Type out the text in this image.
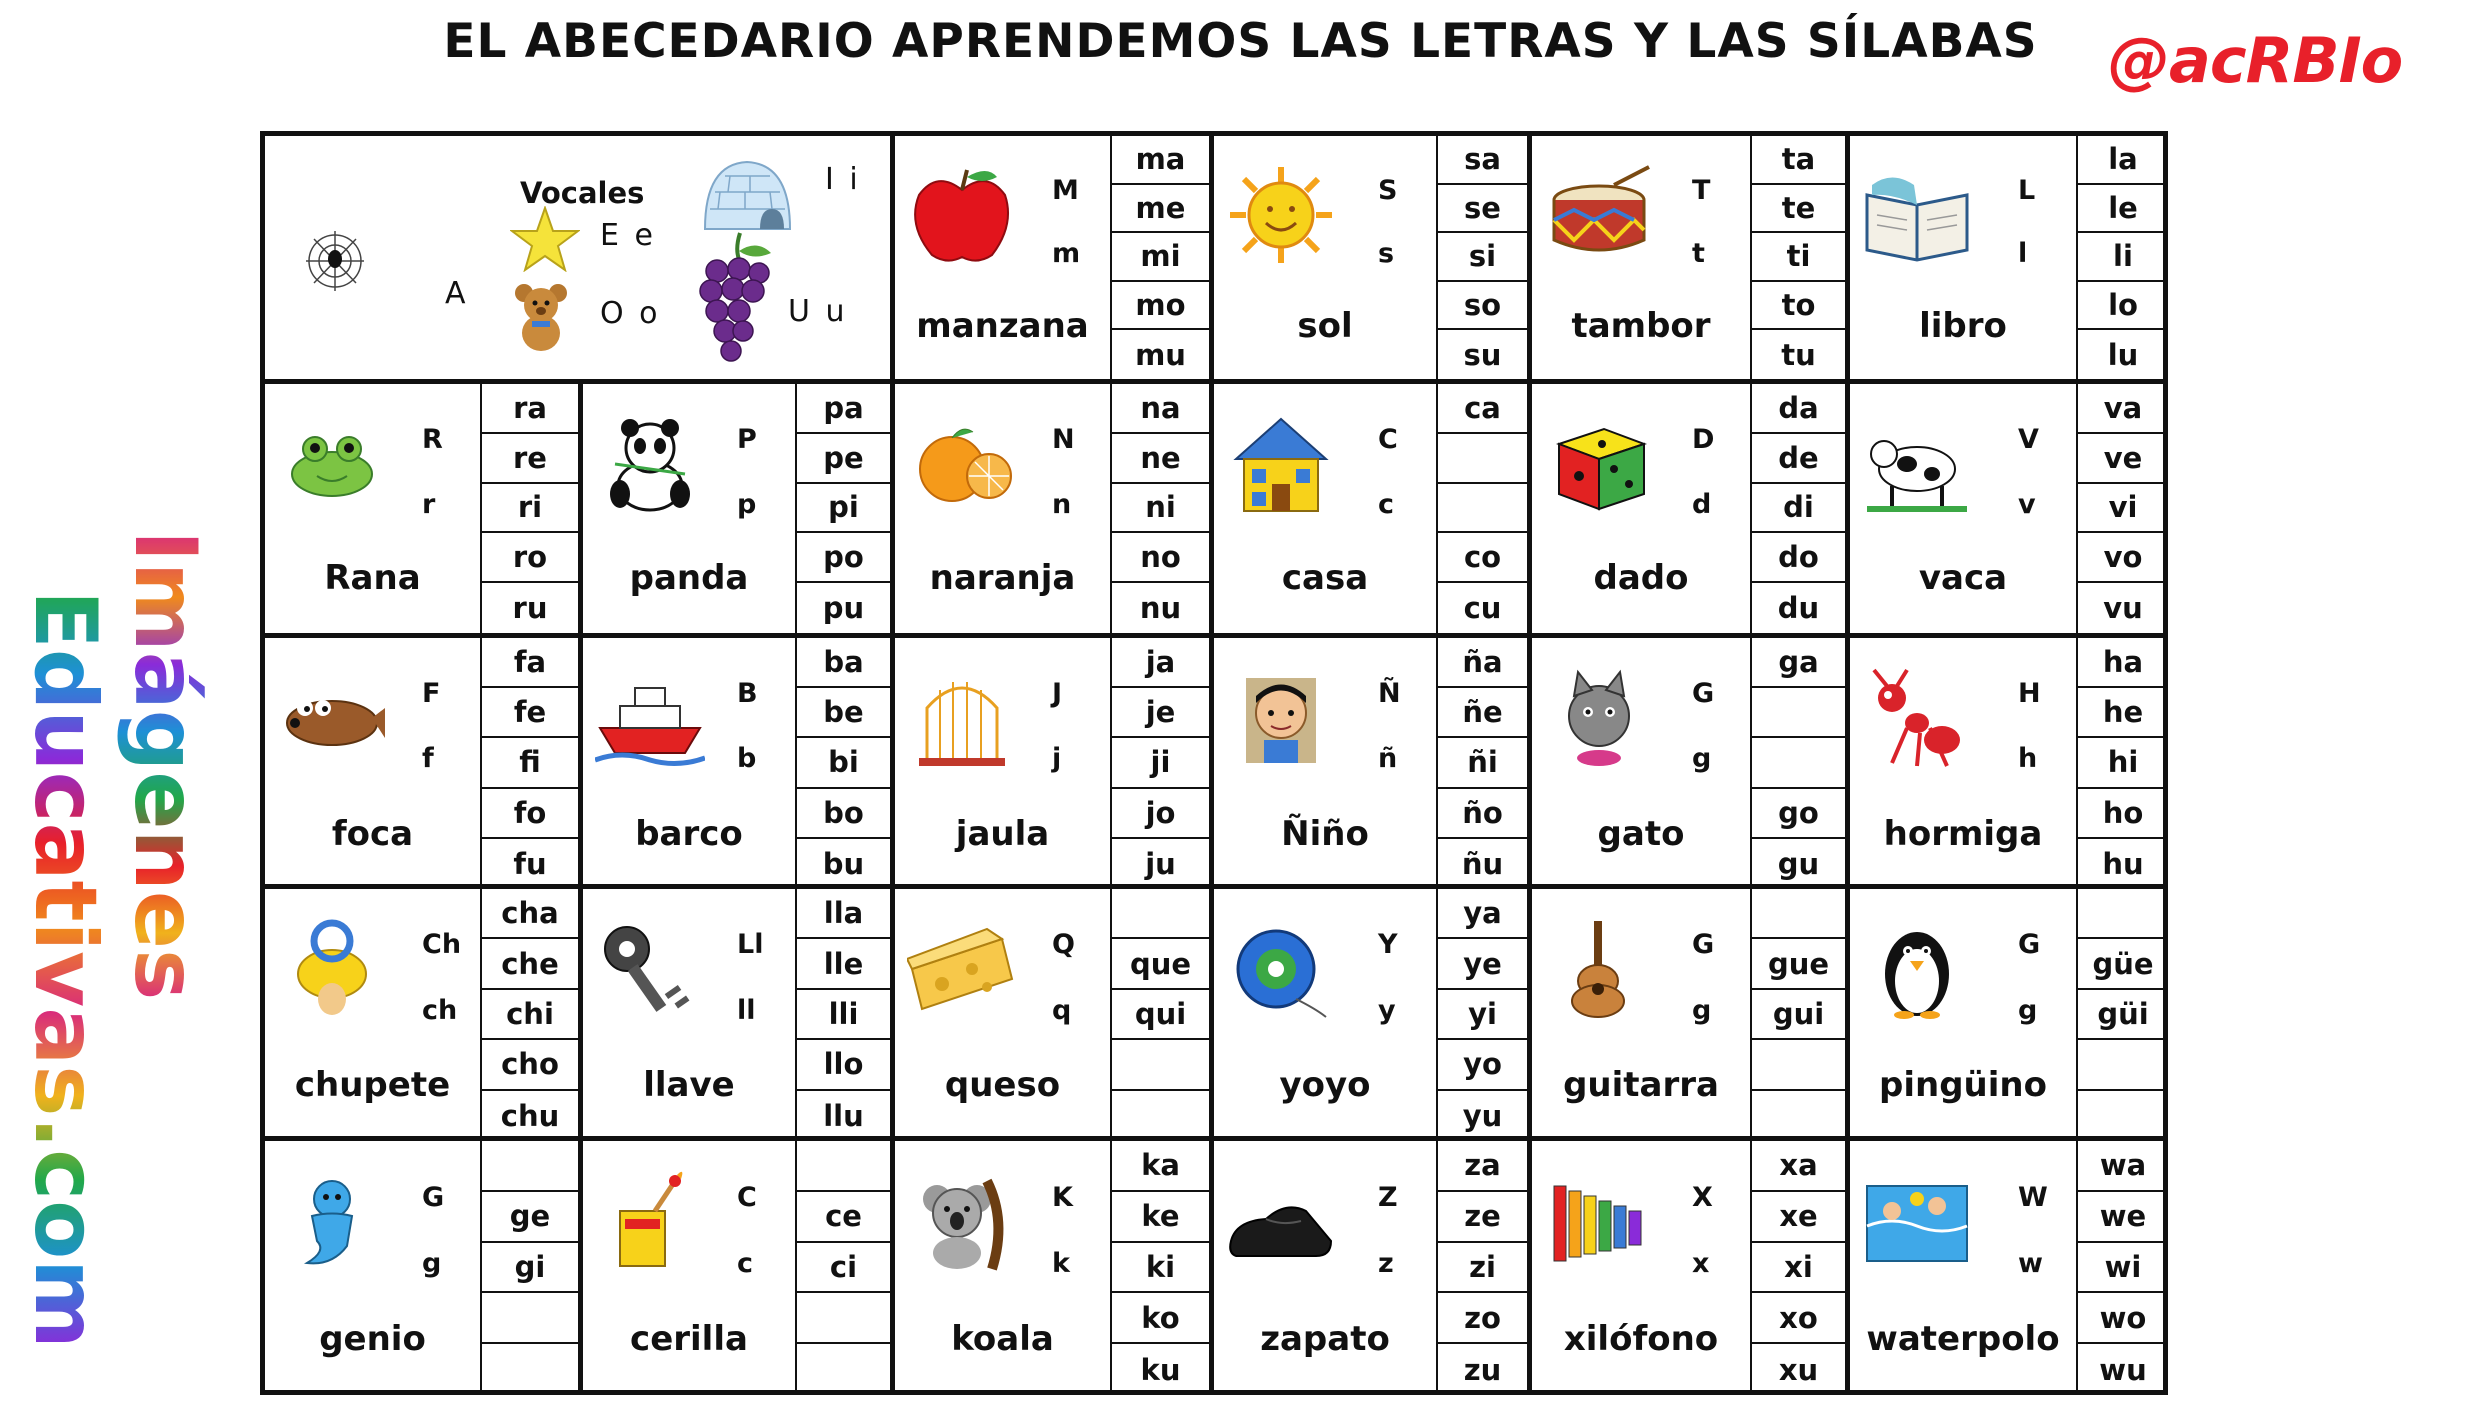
EL ABECEDARIO APRENDEMOS LAS LETRAS Y LAS SÍLABAS	@acRBIo
Imágenes
Educativas.com
Vocales
A
E e
I i
O o	U u
M
m
manzana
ma
me
mi
mo
mu
S
s
sol
sa
se
si
so
su
T
t
tambor
ta
te
ti
to
tu
L
l
libro
la
le
li
lo
lu
R
r
Rana
ra
re
ri
ro
ru
P
p
panda
pa
pe
pi
po
pu
N
n
naranja
na
ne
ni
no
nu
C
c
casa
ca
co
cu
D
d
dado
da
de
di
do
du
V
v
vaca
va
ve
vi
vo
vu
F
f
foca
fa
fe
fi
fo
fu
B
b
barco
ba
be
bi
bo
bu
J
j
jaula
ja
je
ji
jo
ju
Ñ
ñ
Ñiño
ña
ñe
ñi
ño
ñu
G
g
gato
ga
go
gu
H
h
hormiga
ha
he
hi
ho
hu
Ch
ch
chupete
cha
che
chi
cho
chu
Ll
ll
llave
lla
lle
lli
llo
llu
Q
q
queso
que
qui
Y
y
yoyo
ya
ye
yi
yo
yu
G
g
guitarra
gue
gui
G
g
pingüino
güe
güi
G
g
genio
ge
gi
C
c
cerilla
ce
ci
K
k
koala
ka
ke
ki
ko
ku
Z
z
zapato
za
ze
zi
zo
zu
X
x
xilófono
xa
xe
xi
xo
xu
W
w
waterpolo
wa
we
wi
wo
wu
